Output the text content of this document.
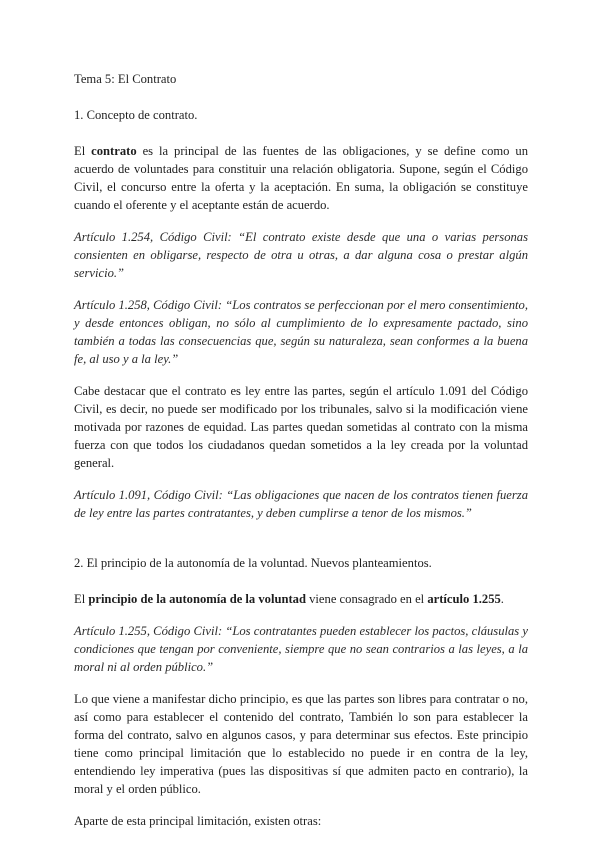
Tema 5: El Contrato
1. Concepto de contrato.

El contrato es la principal de las fuentes de las obligaciones, y se define como un acuerdo de voluntades para constituir una relación obligatoria. Supone, según el Código Civil, el concurso entre la oferta y la aceptación. En suma, la obligación se constituye cuando el oferente y el aceptante están de acuerdo.

Artículo 1.254, Código Civil: “El contrato existe desde que una o varias personas consienten en obligarse, respecto de otra u otras, a dar alguna cosa o prestar algún servicio.”

Artículo 1.258, Código Civil: “Los contratos se perfeccionan por el mero consentimiento, y desde entonces obligan, no sólo al cumplimiento de lo expresamente pactado, sino también a todas las consecuencias que, según su naturaleza, sean conformes a la buena fe, al uso y a la ley.”

Cabe destacar que el contrato es ley entre las partes, según el artículo 1.091 del Código Civil, es decir, no puede ser modificado por los tribunales, salvo si la modificación viene motivada por razones de equidad. Las partes quedan sometidas al contrato con la misma fuerza con que todos los ciudadanos quedan sometidos a la ley creada por la voluntad general.

Artículo 1.091, Código Civil: “Las obligaciones que nacen de los contratos tienen fuerza de ley entre las partes contratantes, y deben cumplirse a tenor de los mismos.”

2. El principio de la autonomía de la voluntad. Nuevos planteamientos.

El principio de la autonomía de la voluntad viene consagrado en el artículo 1.255.

Artículo 1.255, Código Civil: “Los contratantes pueden establecer los pactos, cláusulas y condiciones que tengan por conveniente, siempre que no sean contrarios a las leyes, a la moral ni al orden público.”

Lo que viene a manifestar dicho principio, es que las partes son libres para contratar o no, así como para establecer el contenido del contrato, También lo son para establecer la forma del contrato, salvo en algunos casos, y para determinar sus efectos. Este principio tiene como principal limitación que lo establecido no puede ir en contra de la ley, entendiendo ley imperativa (pues las dispositivas sí que admiten pacto en contrario), la moral y el orden público.

Aparte de esta principal limitación, existen otras:
